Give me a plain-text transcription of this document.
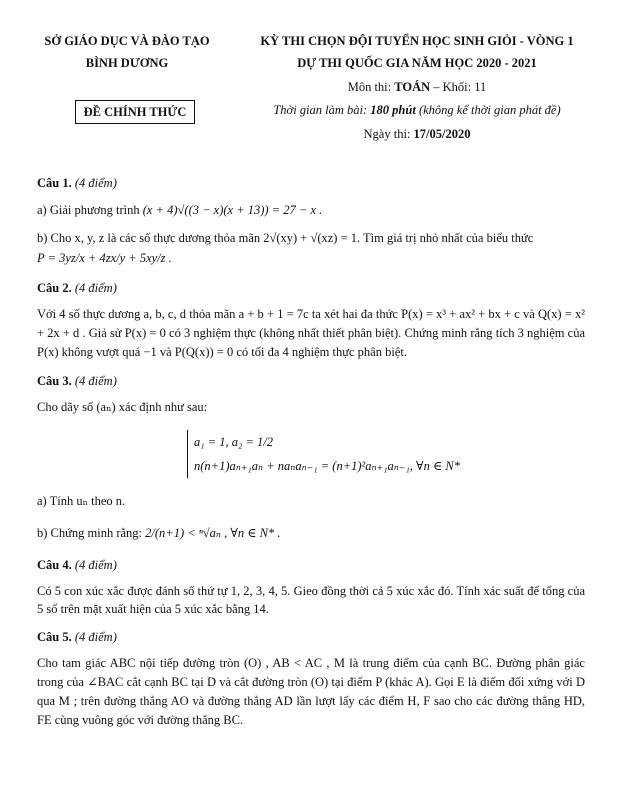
SỞ GIÁO DỤC VÀ ĐÀO TẠO
BÌNH DƯƠNG
KỲ THI CHỌN ĐỘI TUYỂN HỌC SINH GIỎI - VÒNG 1
DỰ THI QUỐC GIA NĂM HỌC 2020 - 2021
ĐỀ CHÍNH THỨC
Môn thi: TOÁN – Khối: 11
Thời gian làm bài: 180 phút (không kể thời gian phát đề)
Ngày thi: 17/05/2020

Câu 1. (4 điểm)

a) Giải phương trình (x + 4)√((3 − x)(x + 13)) = 27 − x .

b) Cho x, y, z là các số thực dương thỏa mãn 2√(xy) + √(xz) = 1. Tìm giá trị nhỏ nhất của biểu thức

P = 3yz/x + 4zx/y + 5xy/z .

Câu 2. (4 điểm)

Với 4 số thực dương a, b, c, d thỏa mãn a + b + 1 = 7c ta xét hai đa thức P(x) = x³ + ax² + bx + c và Q(x) = x² + 2x + d . Giả sử P(x) = 0 có 3 nghiệm thực (không nhất thiết phân biệt). Chứng minh rằng tích 3 nghiệm của P(x) không vượt quá −1 và P(Q(x)) = 0 có tối đa 4 nghiệm thực phân biệt.

Câu 3. (4 điểm)

Cho dãy số (aₙ) xác định như sau:

a₁ = 1, a₂ = 1/2
n(n+1)aₙ₊₁aₙ + naₙaₙ₋₁ = (n+1)²aₙ₊₁aₙ₋₁, ∀n ∈ N*

a) Tính uₙ theo n.

b) Chứng minh rằng: 2/(n+1) < ⁿ√aₙ , ∀n ∈ N* .

Câu 4. (4 điểm)

Có 5 con xúc xắc được đánh số thứ tự 1, 2, 3, 4, 5. Gieo đồng thời cả 5 xúc xắc đó. Tính xác suất để tổng của 5 số trên mặt xuất hiện của 5 xúc xắc bằng 14.

Câu 5. (4 điểm)

Cho tam giác ABC nội tiếp đường tròn (O) , AB < AC , M là trung điểm của cạnh BC. Đường phân giác trong của ∠BAC cắt cạnh BC tại D và cắt đường tròn (O) tại điểm P (khác A). Gọi E là điểm đối xứng với D qua M ; trên đường thẳng AO và đường thẳng AD lần lượt lấy các điểm H, F sao cho các đường thẳng HD, FE cùng vuông góc với đường thẳng BC.
